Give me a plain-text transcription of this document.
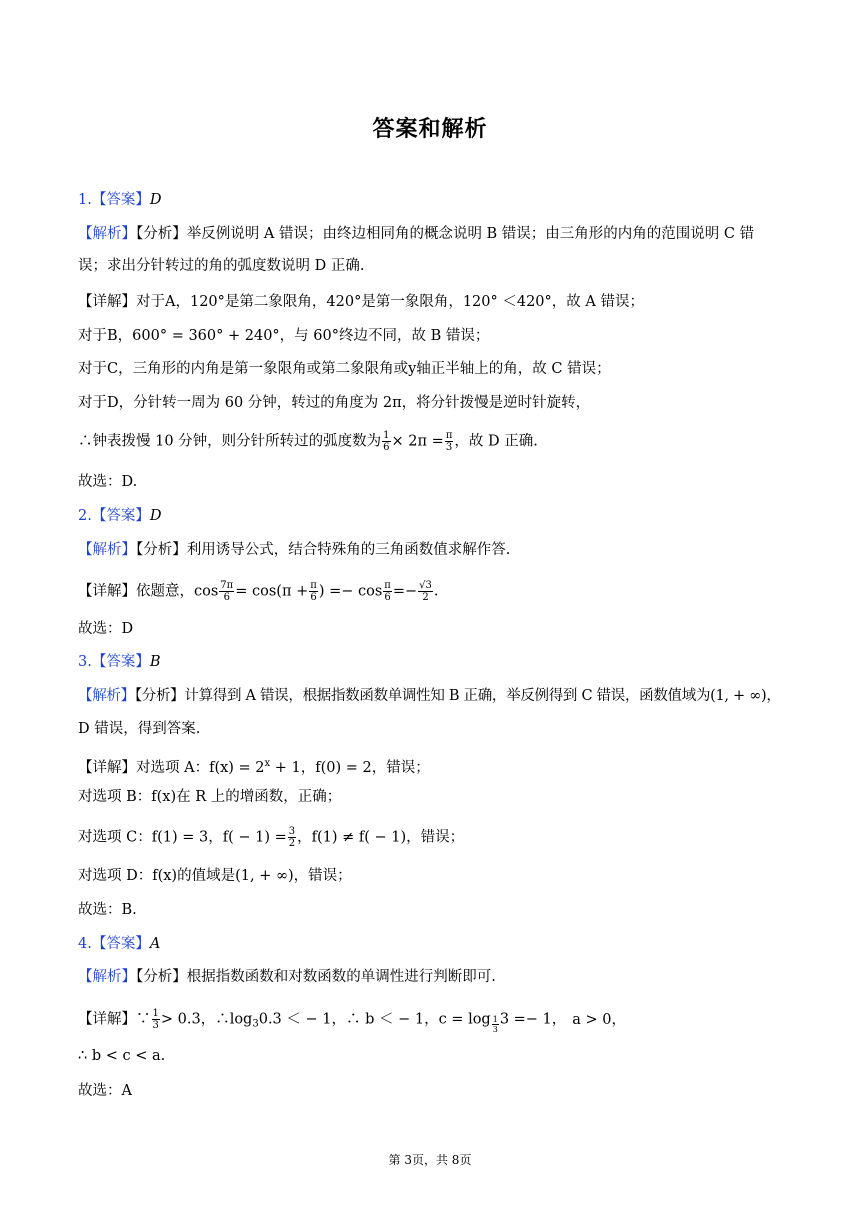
答案和解析
1.【答案】D
【解析】【分析】举反例说明 A 错误；由终边相同角的概念说明 B 错误；由三角形的内角的范围说明 C 错
误；求出分针转过的角的弧度数说明 D 正确.
【详解】对于A，120°是第二象限角，420°是第一象限角，120° ＜420°，故 A 错误；
对于B，600° = 360° + 240°，与 60°终边不同，故 B 错误；
对于C，三角形的内角是第一象限角或第二象限角或y轴正半轴上的角，故 C 错误；
对于D，分针转一周为 60 分钟，转过的角度为 2π，将分针拨慢是逆时针旋转，
∴钟表拨慢 10 分钟，则分针所转过的弧度数为 $\frac{1}{6} \times 2\pi = \frac{\pi}{3}$ ，故 D 正确.
故选：D.
2.【答案】D
【解析】【分析】利用诱导公式，结合特殊角的三角函数值求解作答.
【详解】依题意，$\cos \frac{7\pi}{6} = \cos(\pi + \frac{\pi}{6}$ ) =− $\cos \frac{\pi}{6} =- \frac{√3}{2}$ .
故选：D
3.【答案】B
【解析】【分析】计算得到 A 错误，根据指数函数单调性知 B 正确，举反例得到 C 错误，函数值域为(1, + ∞)，
D 错误，得到答案.
【详解】对选项 A：$f(x) = 2^x + 1$，f(0) = 2，错误；
对选项 B：f(x)在 R 上的增函数，正确；
对选项 C：f(1) = 3，$f( - 1) = \frac{3}{2}$ ，f(1) ≠ f( − 1)，错误；
对选项 D：f(x)的值域是(1, + ∞)，错误；
故选：B.
4.【答案】A
【解析】【分析】根据指数函数和对数函数的单调性进行判断即可.
【详解】∵ $\frac{1}{3} > 0.3$，$\therefore\log_30.3$ ＜ − 1，∴ b ＜ − 1，$c = \log \frac{1}{3} 3 =- 1$， a > 0，
∴ b < c < a.
故选：A
第 3页，共 8页
